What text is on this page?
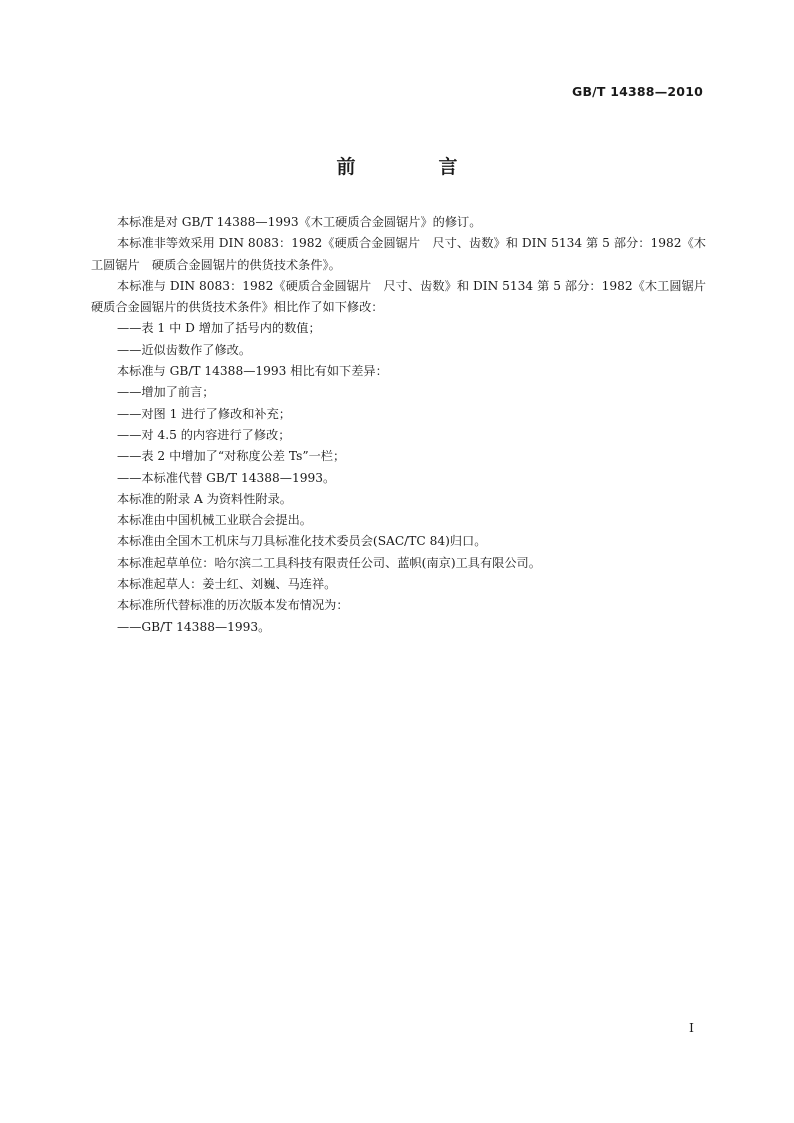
GB/T 14388—2010
前　言

本标准是对 GB/T 14388—1993《木工硬质合金圆锯片》的修订。

本标准非等效采用 DIN 8083：1982《硬质合金圆锯片　尺寸、齿数》和 DIN 5134 第 5 部分：1982《木工圆锯片　硬质合金圆锯片的供货技术条件》。

本标准与 DIN 8083：1982《硬质合金圆锯片　尺寸、齿数》和 DIN 5134 第 5 部分：1982《木工圆锯片　硬质合金圆锯片的供货技术条件》相比作了如下修改：

——表 1 中 D 增加了括号内的数值；

——近似齿数作了修改。

本标准与 GB/T 14388—1993 相比有如下差异：

——增加了前言；

——对图 1 进行了修改和补充；

——对 4.5 的内容进行了修改；

——表 2 中增加了“对称度公差 Ts”一栏；

——本标准代替 GB/T 14388—1993。

本标准的附录 A 为资料性附录。

本标准由中国机械工业联合会提出。

本标准由全国木工机床与刀具标准化技术委员会(SAC/TC 84)归口。

本标准起草单位：哈尔滨二工具科技有限责任公司、蓝帜(南京)工具有限公司。

本标准起草人：姜士红、刘巍、马连祥。

本标准所代替标准的历次版本发布情况为：

——GB/T 14388—1993。

I
